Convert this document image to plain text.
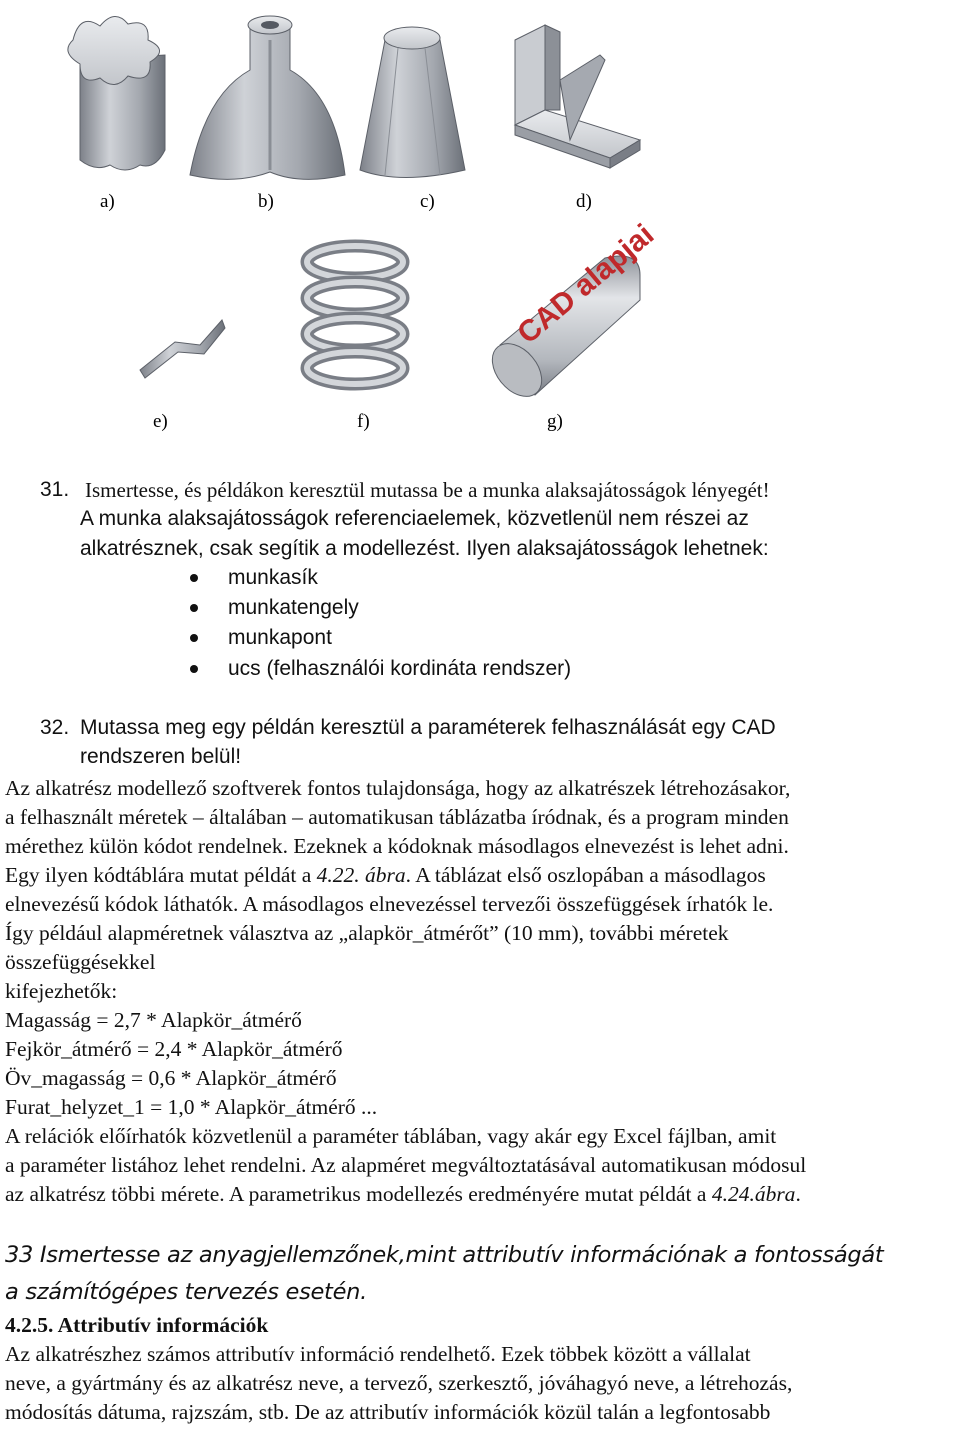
CAD alapjai
a)	b)	c)	d)
e)	f)	g)
31. Ismertesse, és példákon keresztül mutassa be a munka alaksajátosságok lényegét!
A munka alaksajátosságok referenciaelemek, közvetlenül nem részei az
alkatrésznek, csak segítik a modellezést. Ilyen alaksajátosságok lehetnek:
munkasík
munkatengely
munkapont
ucs (felhasználói kordináta rendszer)
32. Mutassa meg egy példán keresztül a paraméterek felhasználását egy CAD
rendszeren belül!
Az alkatrész modellező szoftverek fontos tulajdonsága, hogy az alkatrészek létrehozásakor,
a felhasznált méretek – általában – automatikusan táblázatba íródnak, és a program minden
mérethez külön kódot rendelnek. Ezeknek a kódoknak másodlagos elnevezést is lehet adni.
Egy ilyen kódtáblára mutat példát a 4.22. ábra. A táblázat első oszlopában a másodlagos
elnevezésű kódok láthatók. A másodlagos elnevezéssel tervezői összefüggések írhatók le.
Így például alapméretnek választva az „alapkör_átmérőt” (10 mm), további méretek
összefüggésekkel
kifejezhetők:
Magasság = 2,7 * Alapkör_átmérő
Fejkör_átmérő = 2,4 * Alapkör_átmérő
Öv_magasság = 0,6 * Alapkör_átmérő
Furat_helyzet_1 = 1,0 * Alapkör_átmérő ...
A relációk előírhatók közvetlenül a paraméter táblában, vagy akár egy Excel fájlban, amit
a paraméter listához lehet rendelni. Az alapméret megváltoztatásával automatikusan módosul
az alkatrész többi mérete. A parametrikus modellezés eredményére mutat példát a 4.24.ábra.
33 Ismertesse az anyagjellemzőnek,mint attributív információnak a fontosságát
a számítógépes tervezés esetén.
4.2.5. Attributív információk
Az alkatrészhez számos attributív információ rendelhető. Ezek többek között a vállalat
neve, a gyártmány és az alkatrész neve, a tervező, szerkesztő, jóváhagyó neve, a létrehozás,
módosítás dátuma, rajzszám, stb. De az attributív információk közül talán a legfontosabb
